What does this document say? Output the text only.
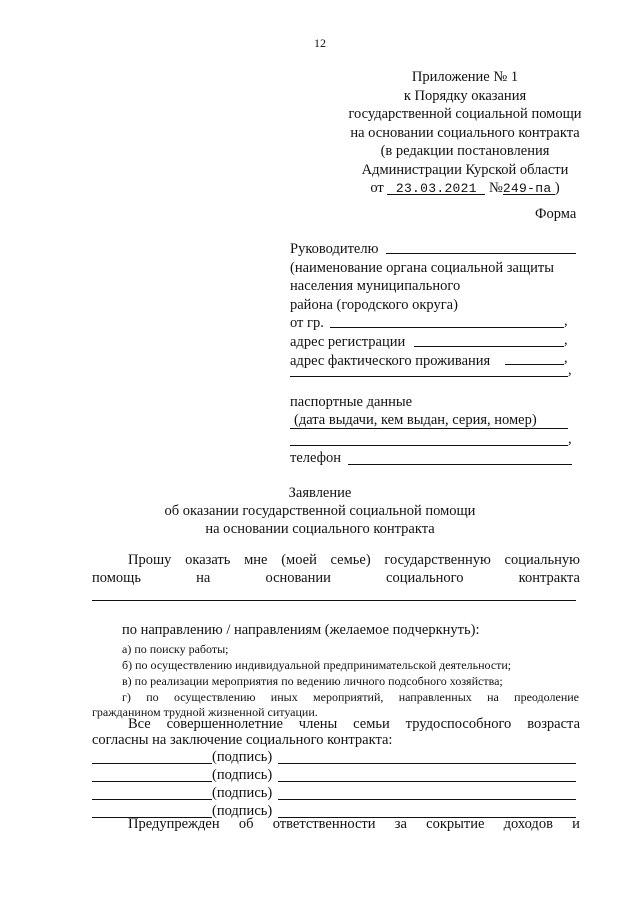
12
Приложение № 1
к Порядку оказания
государственной социальной помощи
на основании социального контракта
(в редакции постановления
Администрации Курской области
от 23.03.2021 №249-па )
Форма
Руководителю
(наименование органа социальной защиты
населения муниципального
района (городского округа)
от гр.
адрес регистрации
адрес фактического проживания
паспортные данные
(дата выдачи, кем выдан, серия, номер)
,
,
,
,
,
телефон
Заявление
об оказании государственной социальной помощи
на основании социального контракта
Прошу оказать мне (моей семье) государственную социальную
помощь	на	основании	социального	контракта
по направлению / направлениям (желаемое подчеркнуть):
а) по поиску работы;
б) по осуществлению индивидуальной предпринимательской деятельности;
в) по реализации мероприятия по ведению личного подсобного хозяйства;
г) по осуществлению иных мероприятий, направленных на преодоление
гражданином трудной жизненной ситуации.
Все совершеннолетние члены семьи трудоспособного возраста
согласны на заключение социального контракта:
(подпись)
(подпись)
(подпись)
(подпись)
Предупрежден об ответственности за сокрытие доходов и
